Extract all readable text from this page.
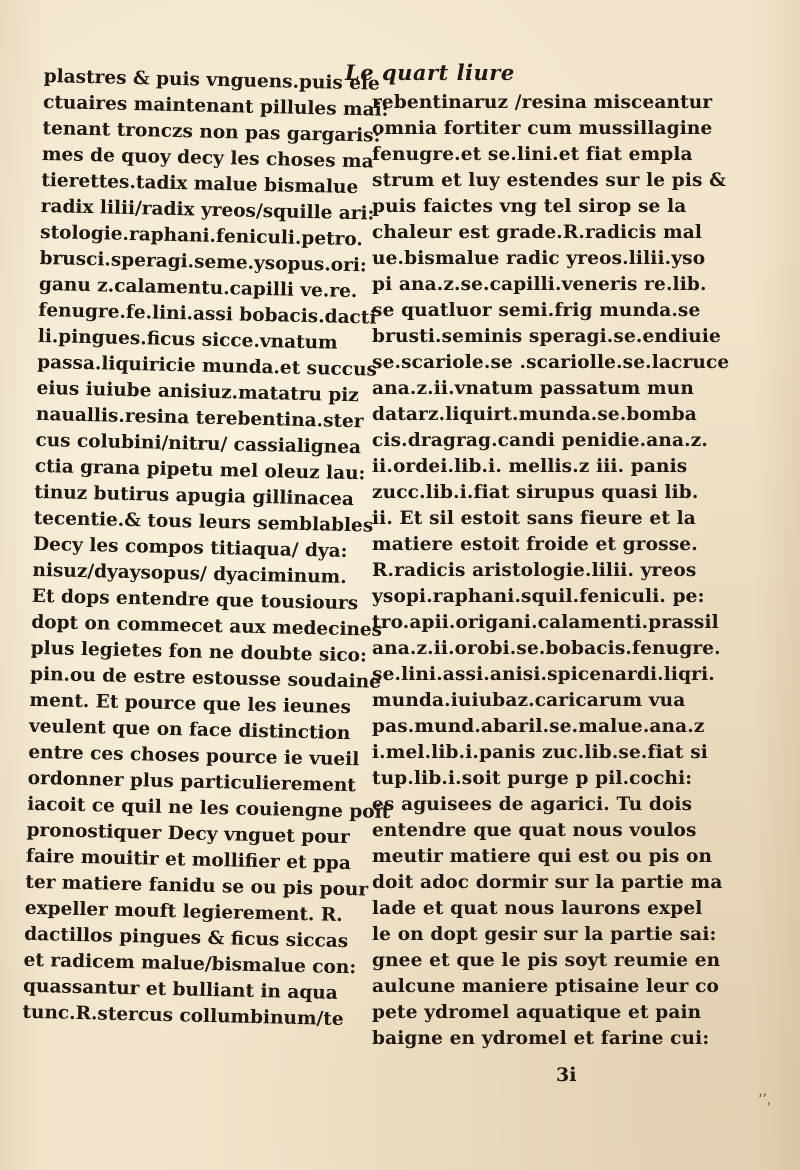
Le quart liure
plastres & puis vnguens.puis ele
ctuaires maintenant pillules mai:
tenant tronczs non pas gargaris:
mes de quoy decy les choses ma
tierettes.tadix malue bismalue
radix lilii/radix yreos/squille ari:
stologie.raphani.feniculi.petro.
brusci.speragi.seme.ysopus.ori:
ganu z.calamentu.capilli ve.re.
fenugre.fe.lini.assi bobacis.dacti
li.pingues.ficus sicce.vnatum
passa.liquiricie munda.et succus
eius iuiube anisiuz.matatru piz
nauallis.resina terebentina.ster
cus colubini/nitru/ cassialignea
ctia grana pipetu mel oleuz lau:
tinuz butirus apugia gillinacea
tecentie.& tous leurs semblables
Decy les compos titiaqua/ dya:
nisuz/dyaysopus/ dyaciminum.
Et dops entendre que tousiours
dopt on commecet aux medecines
plus legietes fon ne doubte sico:
pin.ou de estre estousse soudaine
ment. Et pource que les ieunes
veulent que on face distinction
entre ces choses pource ie vueil
ordonner plus particulierement
iacoit ce quil ne les couiengne poit
pronostiquer Decy vnguet pour
faire mouitir et mollifier et ppa
ter matiere fanidu se ou pis pour
expeller mouft legierement. R.
dactillos pingues & ficus siccas
et radicem malue/bismalue con:
quassantur et bulliant in aqua
tunc.R.stercus collumbinum/te
rebentinaruz /resina misceantur
omnia fortiter cum mussillagine
fenugre.et se.lini.et fiat empla
strum et luy estendes sur le pis &
puis faictes vng tel sirop se la
chaleur est grade.R.radicis mal
ue.bismalue radic yreos.lilii.yso
pi ana.z.se.capilli.veneris re.lib.
se quatluor semi.frig munda.se
brusti.seminis speragi.se.endiuie
se.scariole.se .scariolle.se.lacruce
ana.z.ii.vnatum passatum mun
datarz.liquirt.munda.se.bomba
cis.dragrag.candi penidie.ana.z.
ii.ordei.lib.i. mellis.z iii. panis
zucc.lib.i.fiat sirupus quasi lib.
ii. Et sil estoit sans fieure et la
matiere estoit froide et grosse.
R.radicis aristologie.lilii. yreos
ysopi.raphani.squil.feniculi. pe:
tro.apii.origani.calamenti.prassil
ana.z.ii.orobi.se.bobacis.fenugre.
se.lini.assi.anisi.spicenardi.liqri.
munda.iuiubaz.caricarum vua
pas.mund.abaril.se.malue.ana.z
i.mel.lib.i.panis zuc.lib.se.fiat si
tup.lib.i.soit purge p pil.cochi:
es aguisees de agarici. Tu dois
entendre que quat nous voulos
meutir matiere qui est ou pis on
doit adoc dormir sur la partie ma
lade et quat nous laurons expel
le on dopt gesir sur la partie sai:
gnee et que le pis soyt reumie en
aulcune maniere ptisaine leur co
pete ydromel aquatique et pain
baigne en ydromel et farine cui:
3i
‘’ˌ
